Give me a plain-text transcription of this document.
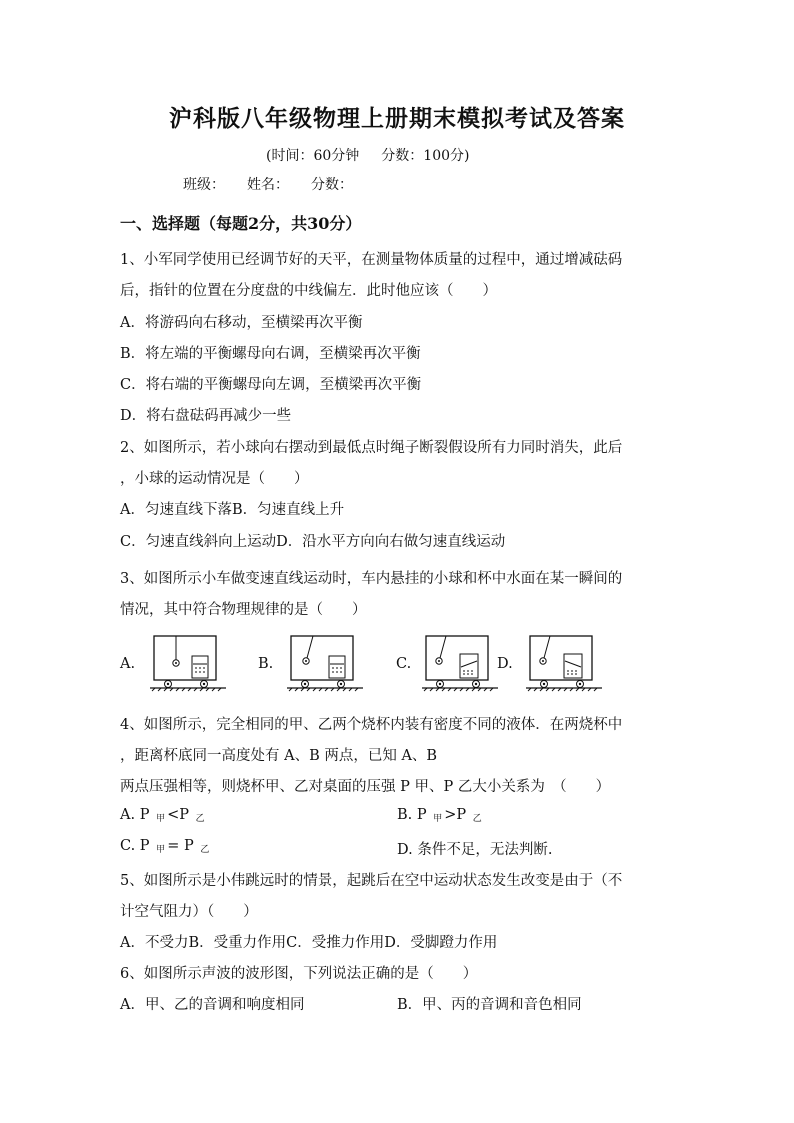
沪科版八年级物理上册期末模拟考试及答案
(时间：60分钟 分数：100分)
班级： 姓名： 分数：
一、选择题（每题2分，共30分）
1、小军同学使用已经调节好的天平，在测量物体质量的过程中，通过增减砝码
后，指针的位置在分度盘的中线偏左．此时他应该（　　）
A．将游码向右移动，至横梁再次平衡
B．将左端的平衡螺母向右调，至横梁再次平衡
C．将右端的平衡螺母向左调，至横梁再次平衡
D．将右盘砝码再减少一些
2、如图所示，若小球向右摆动到最低点时绳子断裂假设所有力同时消失，此后
，小球的运动情况是（　　）
A．匀速直线下落B．匀速直线上升
C．匀速直线斜向上运动D．沿水平方向向右做匀速直线运动
3、如图所示小车做变速直线运动时，车内悬挂的小球和杯中水面在某一瞬间的
情况，其中符合物理规律的是（　　）
A.	B.	C.	D.
4、如图所示，完全相同的甲、乙两个烧杯内装有密度不同的液体．在两烧杯中
，距离杯底同一高度处有 A、B 两点，已知 A、B
两点压强相等，则烧杯甲、乙对桌面的压强 P 甲、P 乙大小关系为　（　　）
A. P $_甲$ <P $_乙$	B. P $_甲$ >P $_乙$
C. P $_甲$ = P $_乙$	D. 条件不足，无法判断.
5、如图所示是小伟跳远时的情景，起跳后在空中运动状态发生改变是由于（不
计空气阻力）（　　）
A．不受力B．受重力作用C．受推力作用D．受脚蹬力作用
6、如图所示声波的波形图，下列说法正确的是（　　）
A．甲、乙的音调和响度相同	B．甲、丙的音调和音色相同
